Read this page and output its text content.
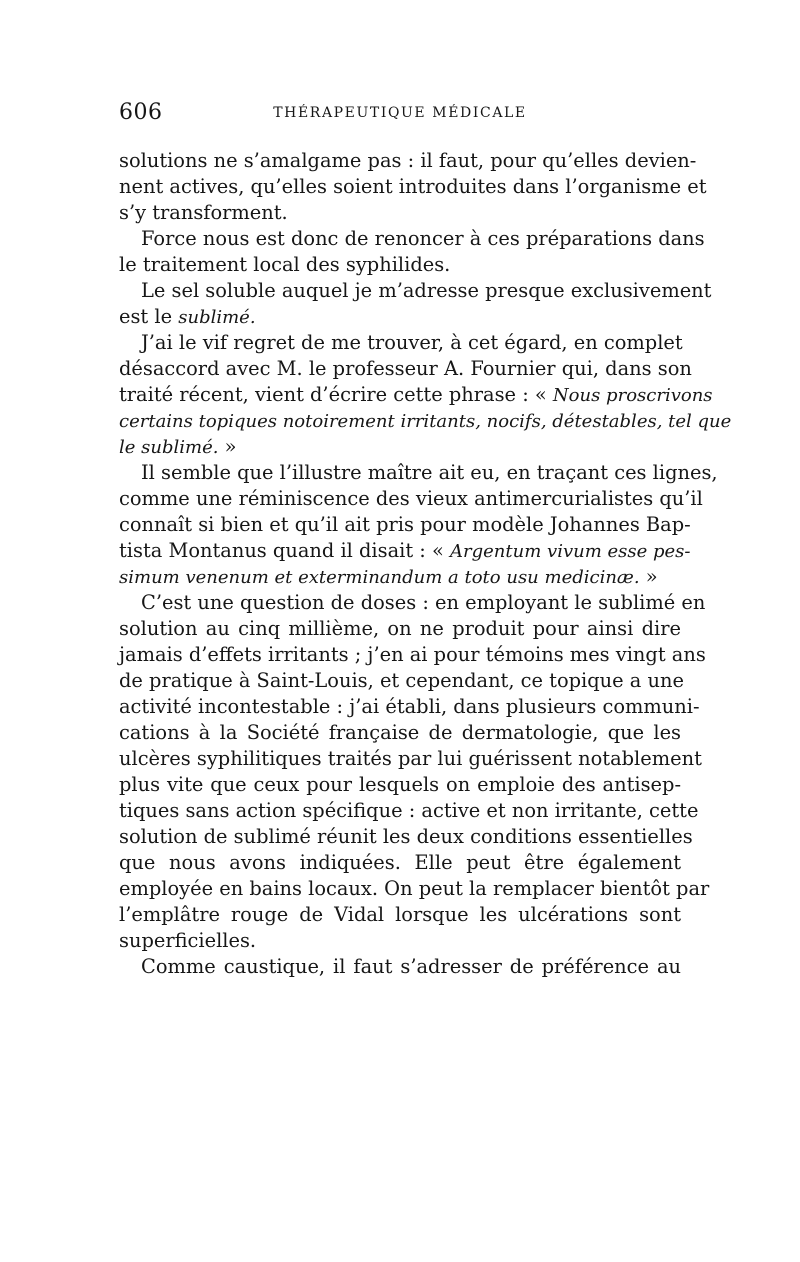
606	THÉRAPEUTIQUE MÉDICALE
solutions ne s’amalgame pas : il faut, pour qu’elles devien-
nent actives, qu’elles soient introduites dans l’organisme et
s’y transforment.
Force nous est donc de renoncer à ces préparations dans
le traitement local des syphilides.
Le sel soluble auquel je m’adresse presque exclusivement
est le sublimé.
J’ai le vif regret de me trouver, à cet égard, en complet
désaccord avec M. le professeur A. Fournier qui, dans son
traité récent, vient d’écrire cette phrase : « Nous proscrivons
certains topiques notoirement irritants, nocifs, détestables, tel que
le sublimé. »
Il semble que l’illustre maître ait eu, en traçant ces lignes,
comme une réminiscence des vieux antimercurialistes qu’il
connaît si bien et qu’il ait pris pour modèle Johannes Bap-
tista Montanus quand il disait : « Argentum vivum esse pes-
simum venenum et exterminandum a toto usu medicinæ. »
C’est une question de doses : en employant le sublimé en
solution au cinq millième, on ne produit pour ainsi dire
jamais d’effets irritants ; j’en ai pour témoins mes vingt ans
de pratique à Saint-Louis, et cependant, ce topique a une
activité incontestable : j’ai établi, dans plusieurs communi-
cations à la Société française de dermatologie, que les
ulcères syphilitiques traités par lui guérissent notablement
plus vite que ceux pour lesquels on emploie des antisep-
tiques sans action spécifique : active et non irritante, cette
solution de sublimé réunit les deux conditions essentielles
que nous avons indiquées. Elle peut être également
employée en bains locaux. On peut la remplacer bientôt par
l’emplâtre rouge de Vidal lorsque les ulcérations sont
superficielles.
Comme caustique, il faut s’adresser de préférence au
